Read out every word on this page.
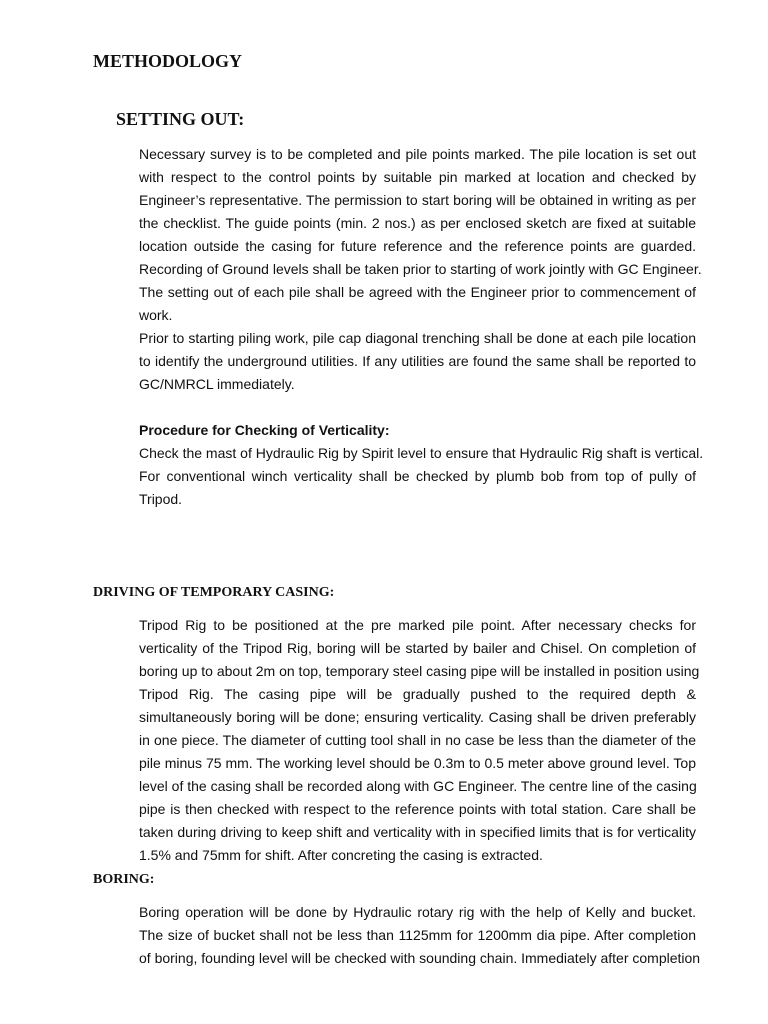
METHODOLOGY
SETTING OUT:
Necessary survey is to be completed and pile points marked. The pile location is set out
with respect to the control points by suitable pin marked at location and checked by
Engineer’s representative. The permission to start boring will be obtained in writing as per
the checklist. The guide points (min. 2 nos.) as per enclosed sketch are fixed at suitable
location outside the casing for future reference and the reference points are guarded.
Recording of Ground levels shall be taken prior to starting of work jointly with GC Engineer.
The setting out of each pile shall be agreed with the Engineer prior to commencement of
work.
Prior to starting piling work, pile cap diagonal trenching shall be done at each pile location
to identify the underground utilities. If any utilities are found the same shall be reported to
GC/NMRCL immediately.
Procedure for Checking of Verticality:
Check the mast of Hydraulic Rig by Spirit level to ensure that Hydraulic Rig shaft is vertical.
For conventional winch verticality shall be checked by plumb bob from top of pully of
Tripod.
DRIVING OF TEMPORARY CASING:
Tripod Rig to be positioned at the pre marked pile point. After necessary checks for
verticality of the Tripod Rig, boring will be started by bailer and Chisel. On completion of
boring up to about 2m on top, temporary steel casing pipe will be installed in position using
Tripod Rig. The casing pipe will be gradually pushed to the required depth &
simultaneously boring will be done; ensuring verticality. Casing shall be driven preferably
in one piece. The diameter of cutting tool shall in no case be less than the diameter of the
pile minus 75 mm. The working level should be 0.3m to 0.5 meter above ground level. Top
level of the casing shall be recorded along with GC Engineer. The centre line of the casing
pipe is then checked with respect to the reference points with total station. Care shall be
taken during driving to keep shift and verticality with in specified limits that is for verticality
1.5% and 75mm for shift. After concreting the casing is extracted.
BORING:
Boring operation will be done by Hydraulic rotary rig with the help of Kelly and bucket.
The size of bucket shall not be less than 1125mm for 1200mm dia pipe. After completion
of boring, founding level will be checked with sounding chain. Immediately after completion
